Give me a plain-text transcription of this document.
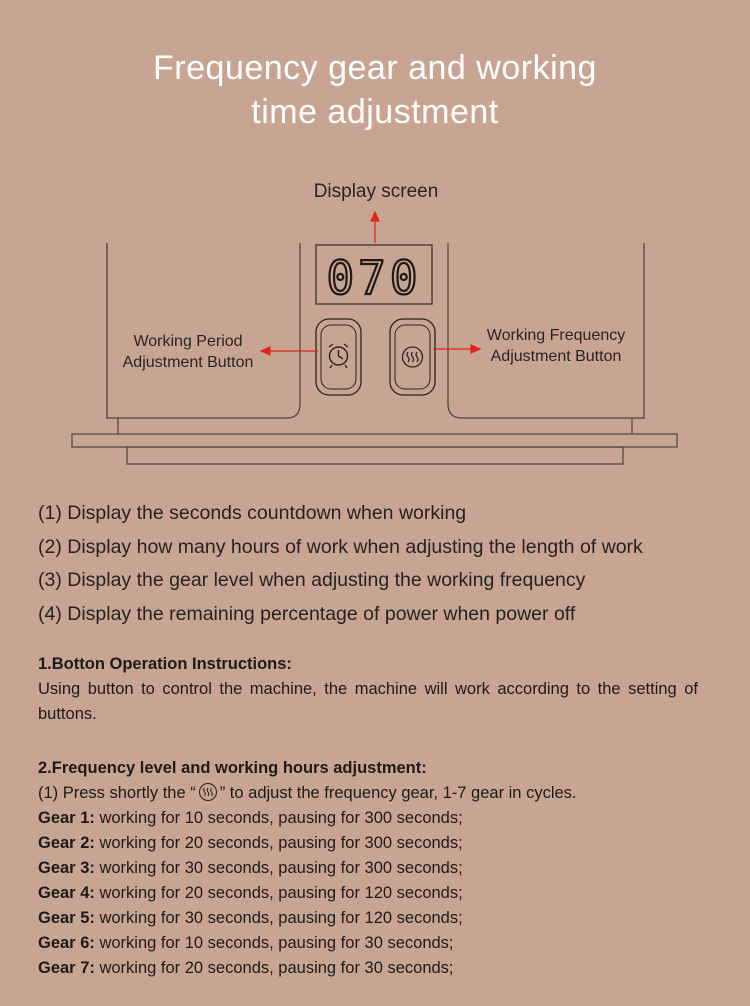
Frequency gear and working
time adjustment
070
Display screen
Working Period
Adjustment Button
Working Frequency
Adjustment Button
(1) Display the seconds countdown when working
(2) Display how many hours of work when adjusting the length of work
(3) Display the gear level when adjusting the working frequency
(4) Display the remaining percentage of power when power off
1.Botton Operation Instructions:
Using button to control the machine, the machine will work according to the setting of buttons.
2.Frequency level and working hours adjustment:
(1) Press shortly the “ ” to adjust the frequency gear, 1-7 gear in cycles.
Gear 1: working for 10 seconds, pausing for 300 seconds;
Gear 2: working for 20 seconds, pausing for 300 seconds;
Gear 3: working for 30 seconds, pausing for 300 seconds;
Gear 4: working for 20 seconds, pausing for 120 seconds;
Gear 5: working for 30 seconds, pausing for 120 seconds;
Gear 6: working for 10 seconds, pausing for 30 seconds;
Gear 7: working for 20 seconds, pausing for 30 seconds;
